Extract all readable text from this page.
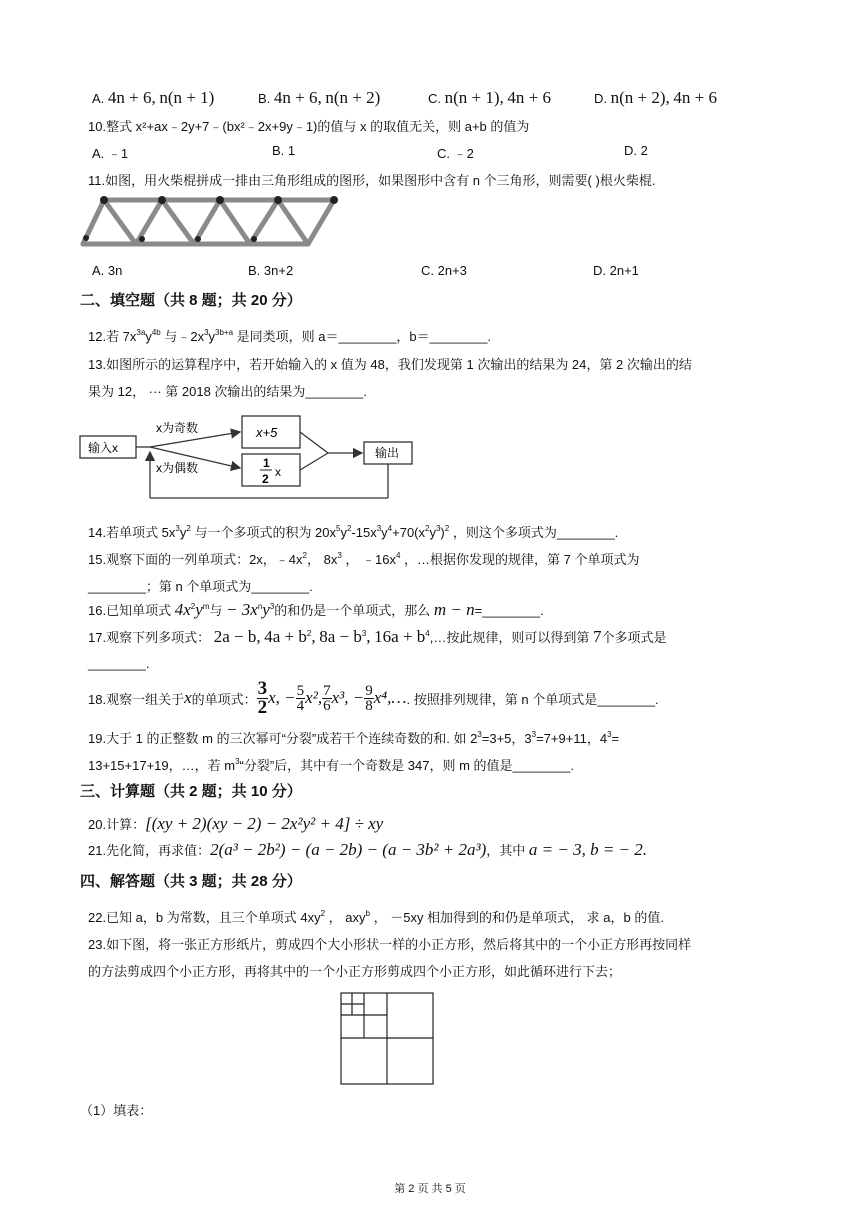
A. 4n + 6, n(n + 1)	B. 4n + 6, n(n + 2)	C. n(n + 1), 4n + 6	D. n(n + 2), 4n + 6
10.整式 x²+ax﹣2y+7﹣(bx²﹣2x+9y﹣1)的值与 x 的取值无关，则 a+b 的值为
A. ﹣1	B. 1	C. ﹣2	D. 2
11.如图，用火柴棍拼成一排由三角形组成的图形，如果图形中含有 n 个三角形，则需要( )根火柴棍.
A. 3n	B. 3n+2	C. 2n+3	D. 2n+1
二、填空题（共 8 题；共 20 分）
12.若 $7x^{3a}y^{4b}$ 与$﹣2x^3y^{3b+a}$ 是同类项，则 a＝________，b＝________.
13.如图所示的运算程序中，若开始输入的 x 值为 48，我们发现第 1 次输出的结果为 24，第 2 次输出的结
果为 12， ··· 第 2018 次输出的结果为________.
输入x
x为奇数
x为偶数
x+5
1
2 x
输出
14.若单项式 $5x^3y^2$ 与一个多项式的积为 $20x^5y^2-15x^3y^4+70(x^2y^3)^2$ ，则这个多项式为________.
15.观察下面的一列单项式：2x，$﹣4x^2$， $8x^3$ ， $﹣16x^4$ ，…根据你发现的规律，第 7 个单项式为
________；第 n 个单项式为________.
16.已知单项式 $4x^2y^m$与 − $3x^ny^3$的和仍是一个单项式，那么 m − n=________.
17.观察下列多项式： 2a − b, $4a + b^2$, $8a - b^3$, $16a + b^4,\dots$按此规律，则可以得到第 7个多项式是
________.
18.观察一组关于 x 的单项式： $\frac{3}{2} x$, − $\frac{5}{4} x^2$, $\frac{7}{6} x^3$, − $\frac{9}{8}$ x⁴,… . 按照排列规律，第 n 个单项式是________.
19.大于 1 的正整数 m 的三次幂可“分裂”成若干个连续奇数的和. 如 $2^3=3+5$，$3^3=7+9+11$，$4^3=$
13+15+17+19，…，若 $m^3“$分裂”后，其中有一个奇数是 347，则 m 的值是________.
三、计算题（共 2 题；共 10 分）
20.计算：[(xy + 2)(xy − 2) − 2x²y² + 4] ÷ xy
21.先化简，再求值：2(a³ − 2b²) − (a − 2b) − (a − 3b² + 2a³)，其中 a = − 3, b = − 2.
四、解答题（共 3 题；共 28 分）
22.已知 a，b 为常数，且三个单项式 $4xy^2$ ， axy$^b$ ， －5xy 相加得到的和仍是单项式， 求 a，b 的值.
23.如下图，将一张正方形纸片，剪成四个大小形状一样的小正方形，然后将其中的一个小正方形再按同样
的方法剪成四个小正方形，再将其中的一个小正方形剪成四个小正方形，如此循环进行下去；
（1）填表：
第 2 页 共 5 页
